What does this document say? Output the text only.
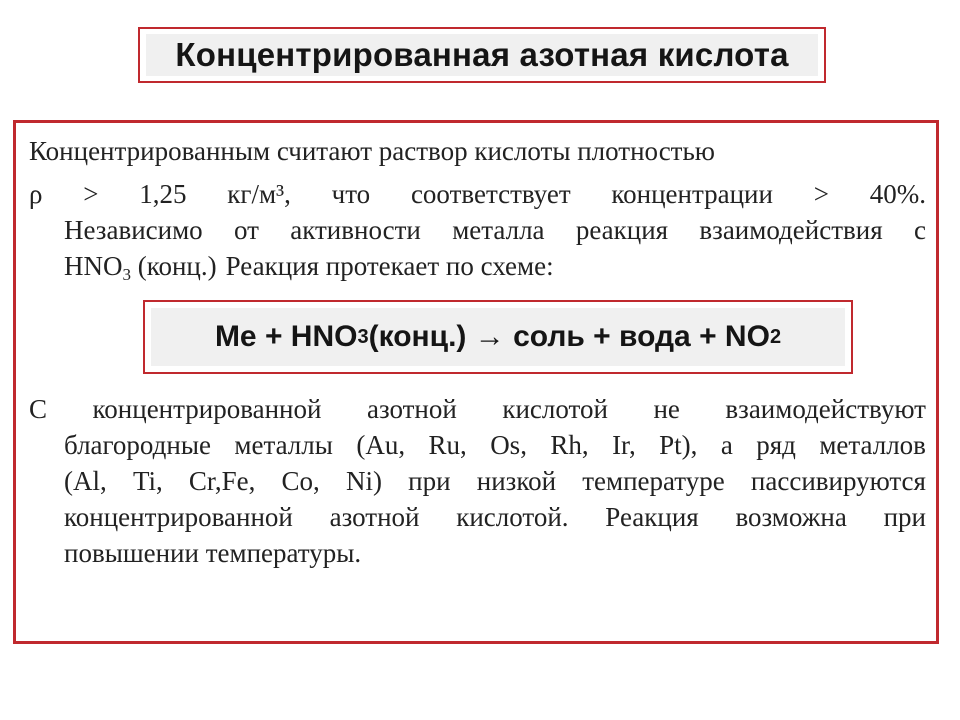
Концентрированная азотная кислота
Концентрированным считают раствор кислоты плотностью
ρ > 1,25 кг/м³, что соответствует концентрации > 40%.
Независимо от активности металла реакция взаимодействия с
$HNO_3$ (конц.) Реакция протекает по схеме:
Me + HNO 3 (конц.) → соль + вода + NO 2
С концентрированной азотной кислотой не взаимодействуют
благородные металлы (Au, Ru, Os, Rh, Ir, Pt), а ряд металлов
(Al, Ti, Cr,Fe, Co, Ni) при низкой температуре пассивируются
концентрированной азотной кислотой. Реакция возможна при
повышении температуры.
